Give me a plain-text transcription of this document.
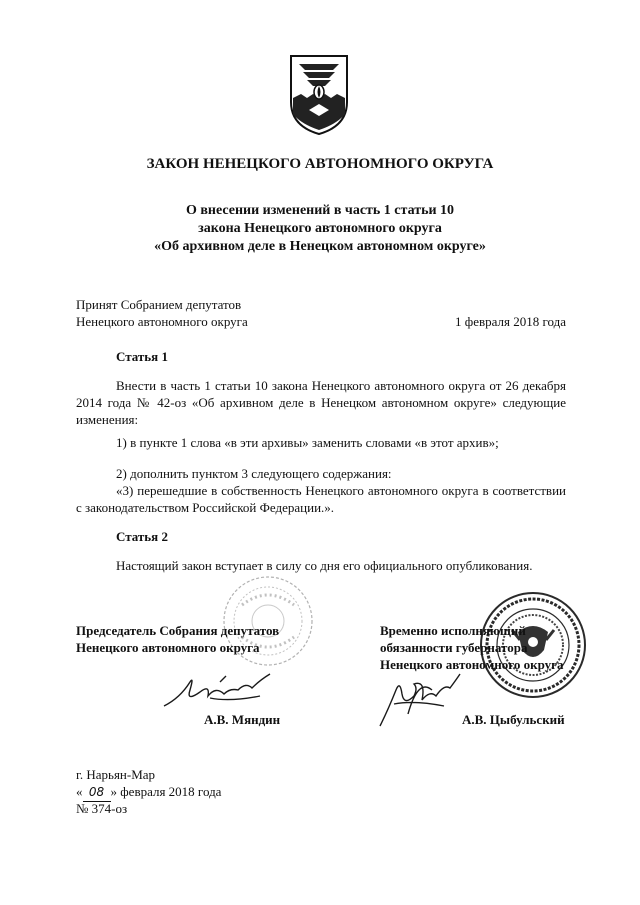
ЗАКОН НЕНЕЦКОГО АВТОНОМНОГО ОКРУГА
О внесении изменений в часть 1 статьи 10
закона Ненецкого автономного округа
«Об архивном деле в Ненецком автономном округе»
Принят Собранием депутатов
Ненецкого автономного округа	1 февраля 2018 года
Статья 1
Внести в часть 1 статьи 10 закона Ненецкого автономного округа от 26 декабря 2014 года № 42-оз «Об архивном деле в Ненецком автономном округе» следующие изменения:
1) в пункте 1 слова «в эти архивы» заменить словами «в этот архив»;
2) дополнить пунктом 3 следующего содержания:
«3) перешедшие в собственность Ненецкого автономного округа в соответствии с законодательством Российской Федерации.».
Статья 2
Настоящий закон вступает в силу со дня его официального опубликования.
Председатель Собрания депутатов
Ненецкого автономного округа
А.В. Мяндин
Временно исполняющий
обязанности губернатора
Ненецкого автономного округа
А.В. Цыбульский
г. Нарьян-Мар
« 08 » февраля 2018 года
№ 374-оз
